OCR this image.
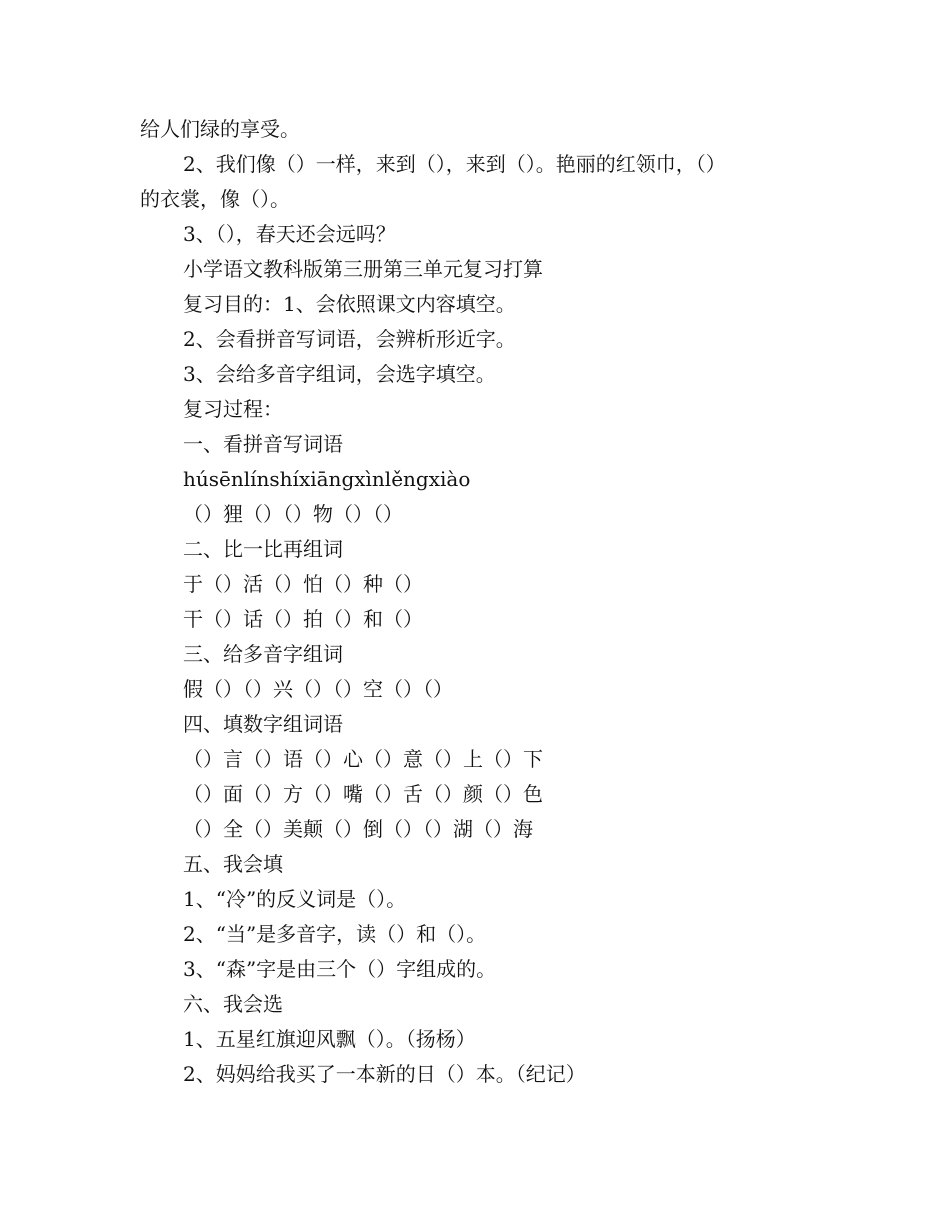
给人们绿的享受。

2、我们像（）一样，来到（），来到（）。艳丽的红领巾，（）

的衣裳，像（）。

3、（），春天还会远吗？

小学语文教科版第三册第三单元复习打算

复习目的：1、会依照课文内容填空。

2、会看拼音写词语，会辨析形近字。

3、会给多音字组词，会选字填空。

复习过程：

一、看拼音写词语

húsēnlínshíxiāngxìnlěngxiào

（）狸（）（）物（）（）

二、比一比再组词

于（）活（）怕（）种（）

干（）话（）拍（）和（）

三、给多音字组词

假（）（）兴（）（）空（）（）

四、填数字组词语

（）言（）语（）心（）意（）上（）下

（）面（）方（）嘴（）舌（）颜（）色

（）全（）美颠（）倒（）（）湖（）海

五、我会填

1、“冷”的反义词是（）。

2、“当”是多音字，读（）和（）。

3、“森”字是由三个（）字组成的。

六、我会选

1、五星红旗迎风飘（）。（扬杨）

2、妈妈给我买了一本新的日（）本。（纪记）
